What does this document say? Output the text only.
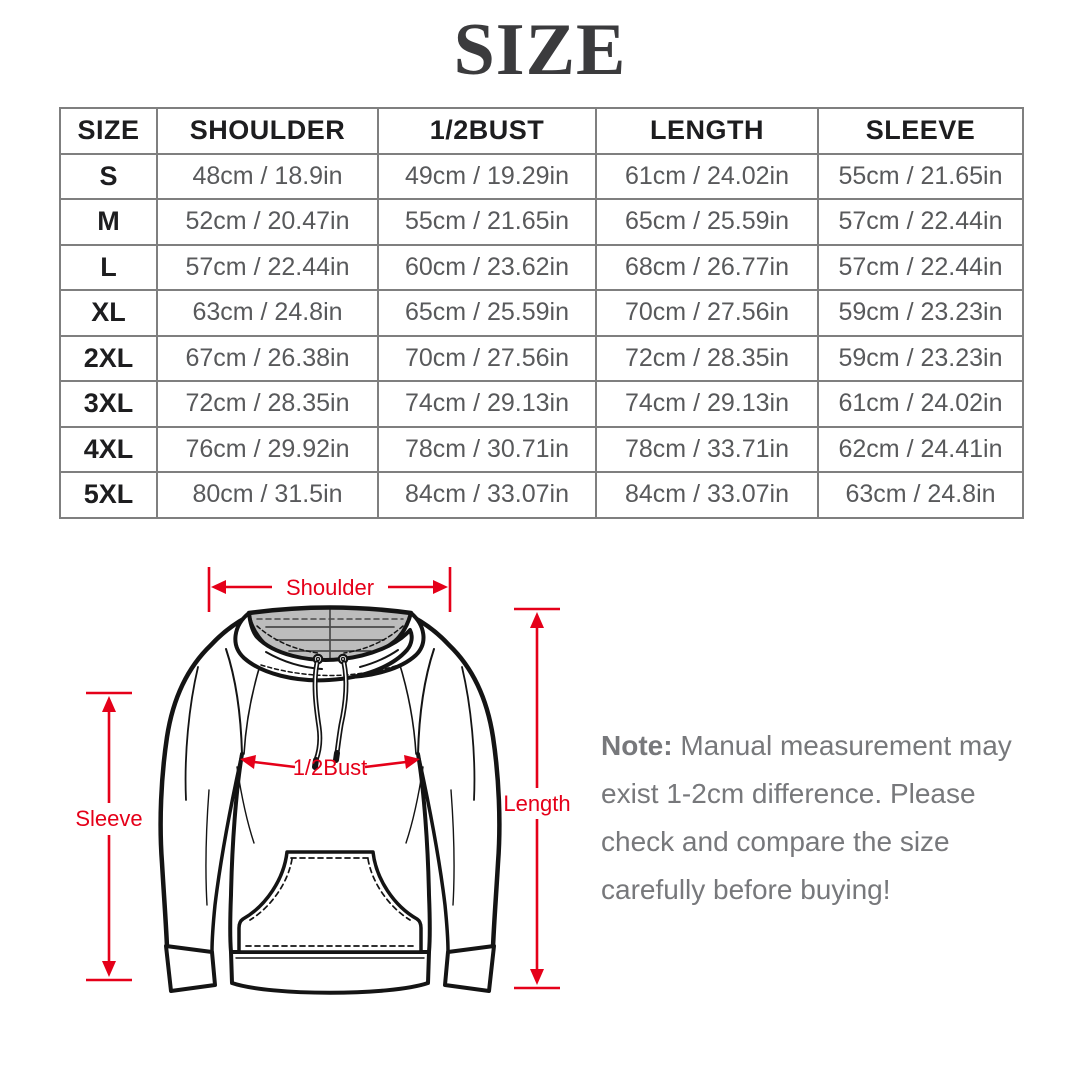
SIZE
SIZE	SHOULDER	1/2BUST	LENGTH	SLEEVE
S	48cm / 18.9in	49cm / 19.29in	61cm / 24.02in	55cm / 21.65in
M	52cm / 20.47in	55cm / 21.65in	65cm / 25.59in	57cm / 22.44in
L	57cm / 22.44in	60cm / 23.62in	68cm / 26.77in	57cm / 22.44in
XL	63cm / 24.8in	65cm / 25.59in	70cm / 27.56in	59cm / 23.23in
2XL	67cm / 26.38in	70cm / 27.56in	72cm / 28.35in	59cm / 23.23in
3XL	72cm / 28.35in	74cm / 29.13in	74cm / 29.13in	61cm / 24.02in
4XL	76cm / 29.92in	78cm / 30.71in	78cm / 33.71in	62cm / 24.41in
5XL	80cm / 31.5in	84cm / 33.07in	84cm / 33.07in	63cm / 24.8in
Shoulder
1/2Bust
Length
Sleeve
Note: Manual measurement may
exist 1-2cm difference. Please
check and compare the size
carefully before buying!
